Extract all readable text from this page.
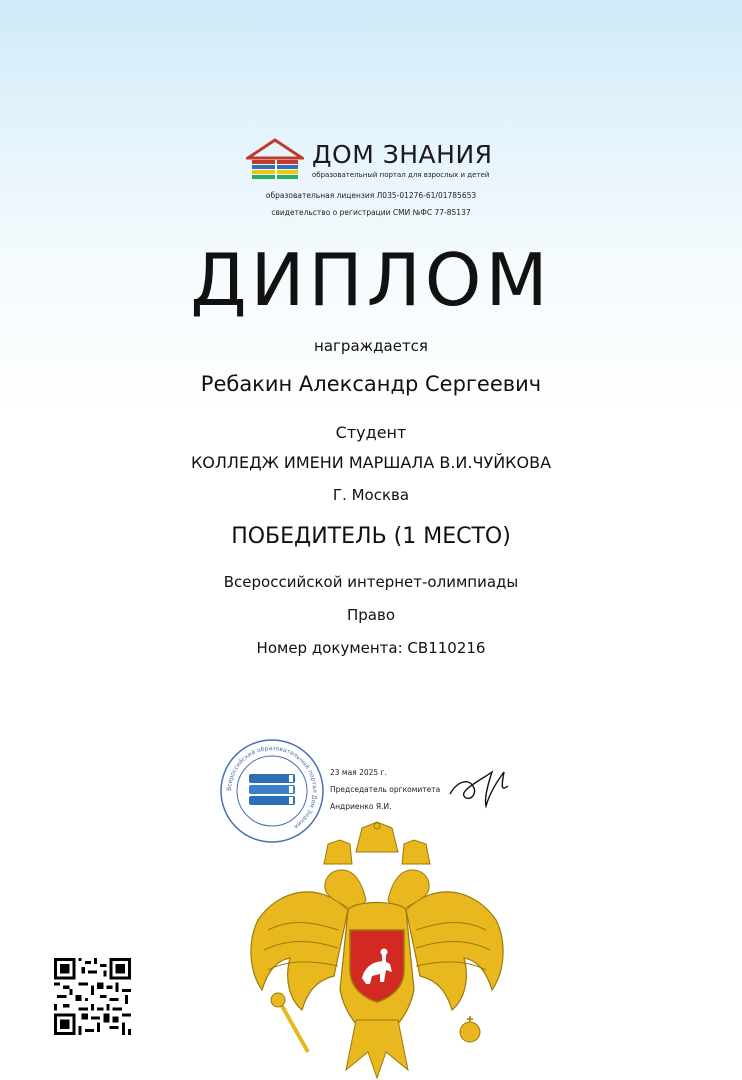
ДОМ ЗНАНИЯ
образовательный портал для взрослых и детей
образовательная лицензия Л035-01276-61/01785653
свидетельство о регистрации СМИ №ФС 77-85137
ДИПЛОМ
награждается
Ребакин Александр Сергеевич
Студент
КОЛЛЕДЖ ИМЕНИ МАРШАЛА В.И.ЧУЙКОВА
Г. Москва
ПОБЕДИТЕЛЬ (1 МЕСТО)
Всероссийской интернет-олимпиады
Право
Номер документа: СВ110216
Всероссийский образовательный портал Дом Знания
23 мая 2025 г.
Председатель оргкомитета
Андриенко Я.И.
